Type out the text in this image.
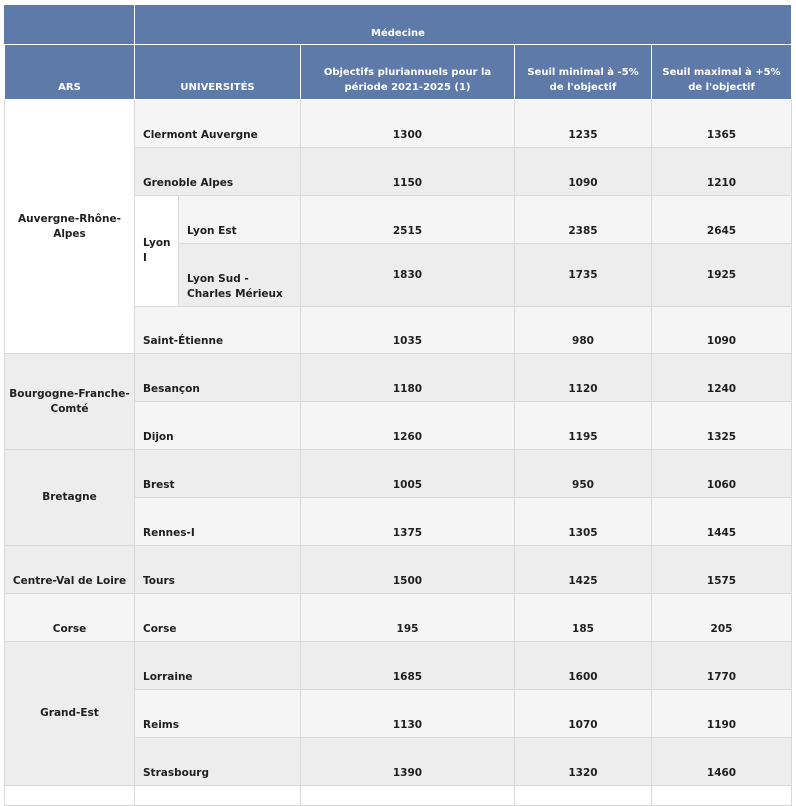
	Médecine				
ARS	UNIVERSITÉS		Objectifs pluriannuels pour la période 2021-2025 (1)	Seuil minimal à -5% de l'objectif	Seuil maximal à +5% de l'objectif
Auvergne-Rhône-Alpes	Clermont Auvergne		1300	1235	1365
	Grenoble Alpes		1150	1090	1210
	Lyon I	Lyon Est	2515	2385	2645
		Lyon Sud - Charles Mérieux	1830	1735	1925
	Saint-Étienne		1035	980	1090
Bourgogne-Franche-Comté	Besançon		1180	1120	1240
	Dijon		1260	1195	1325
Bretagne	Brest		1005	950	1060
	Rennes-I		1375	1305	1445
Centre-Val de Loire	Tours		1500	1425	1575
Corse	Corse		195	185	205
Grand-Est	Lorraine		1685	1600	1770
	Reims		1130	1070	1190
	Strasbourg		1390	1320	1460
